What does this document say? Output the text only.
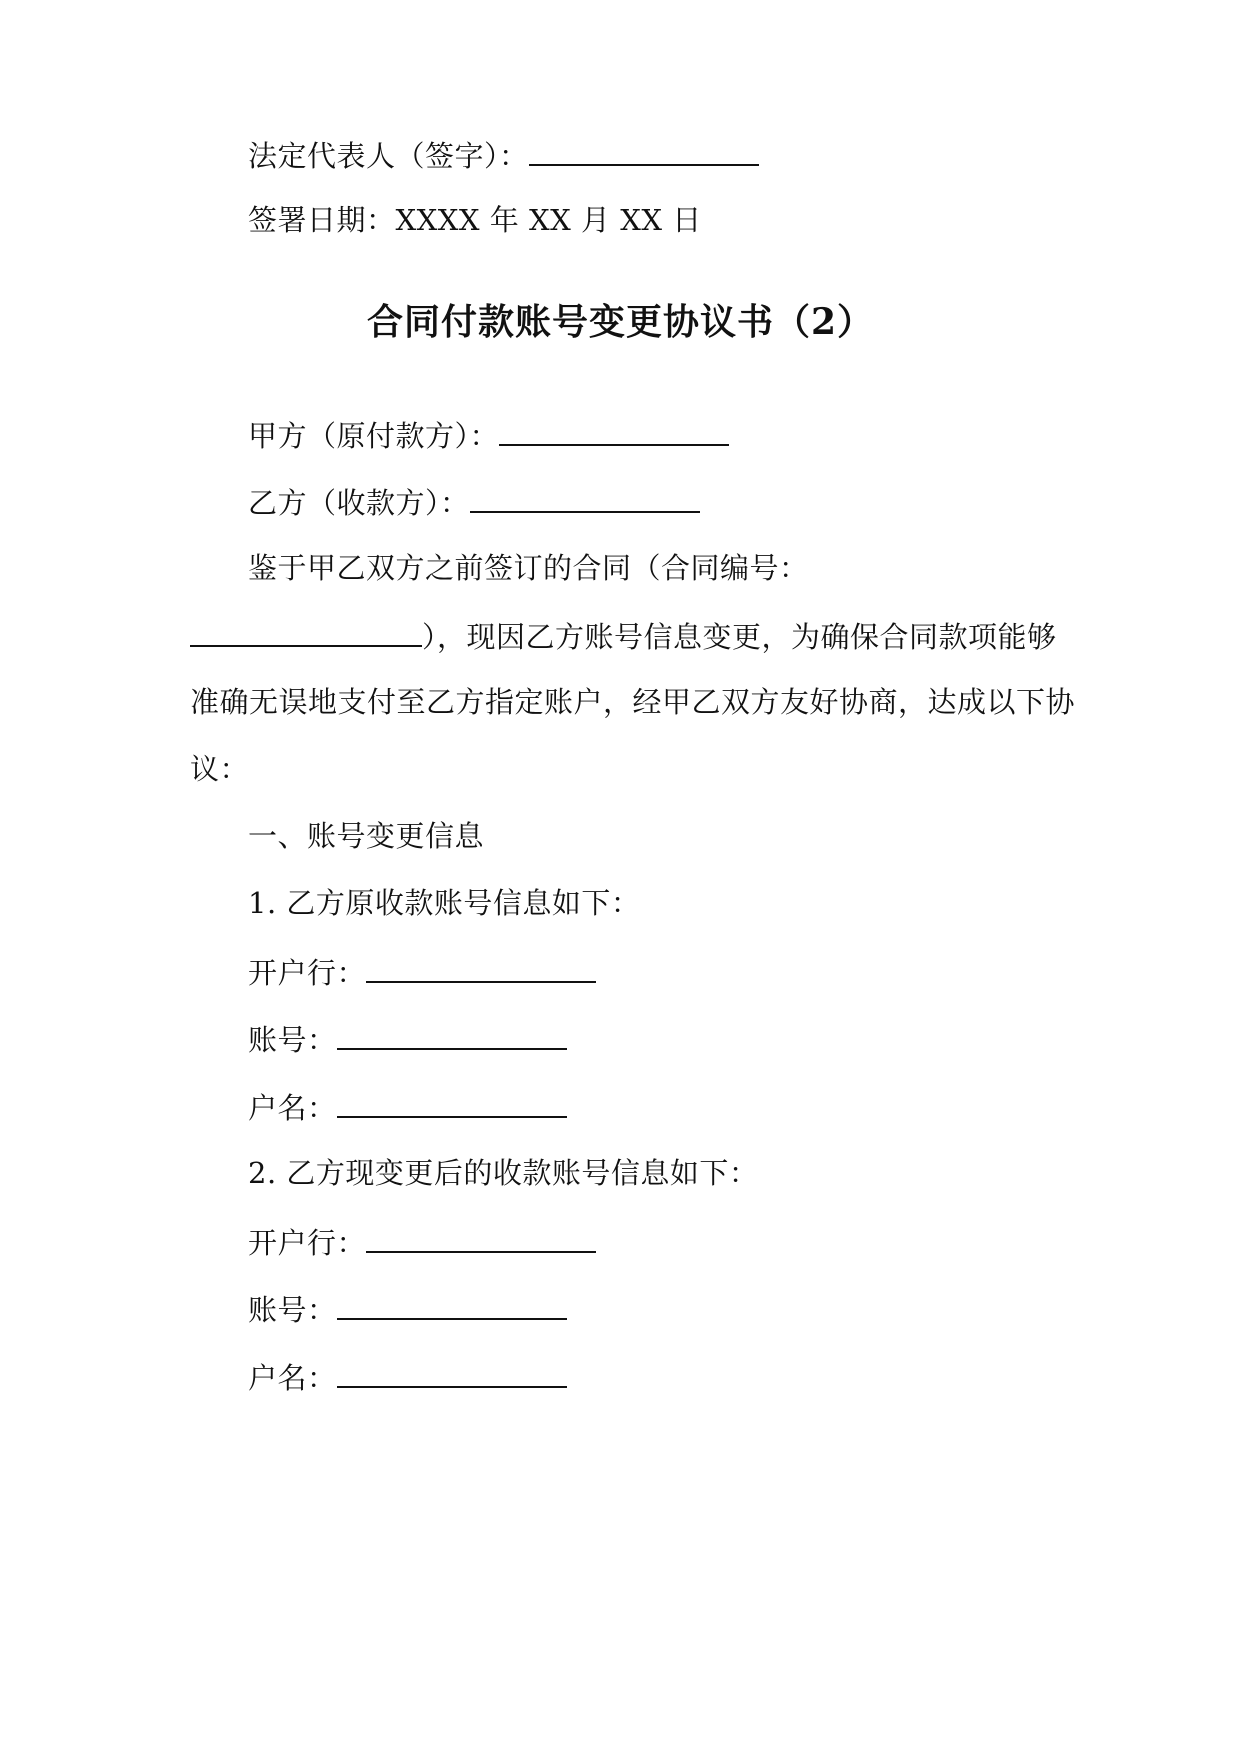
法定代表人（签字）：
签署日期：XXXX 年 XX 月 XX 日
合同付款账号变更协议书（2）
甲方（原付款方）：
乙方（收款方）：
鉴于甲乙双方之前签订的合同（合同编号：
），现因乙方账号信息变更，为确保合同款项能够
准确无误地支付至乙方指定账户，经甲乙双方友好协商，达成以下协
议：
一、账号变更信息
1. 乙方原收款账号信息如下：
开户行：
账号：
户名：
2. 乙方现变更后的收款账号信息如下：
开户行：
账号：
户名：
